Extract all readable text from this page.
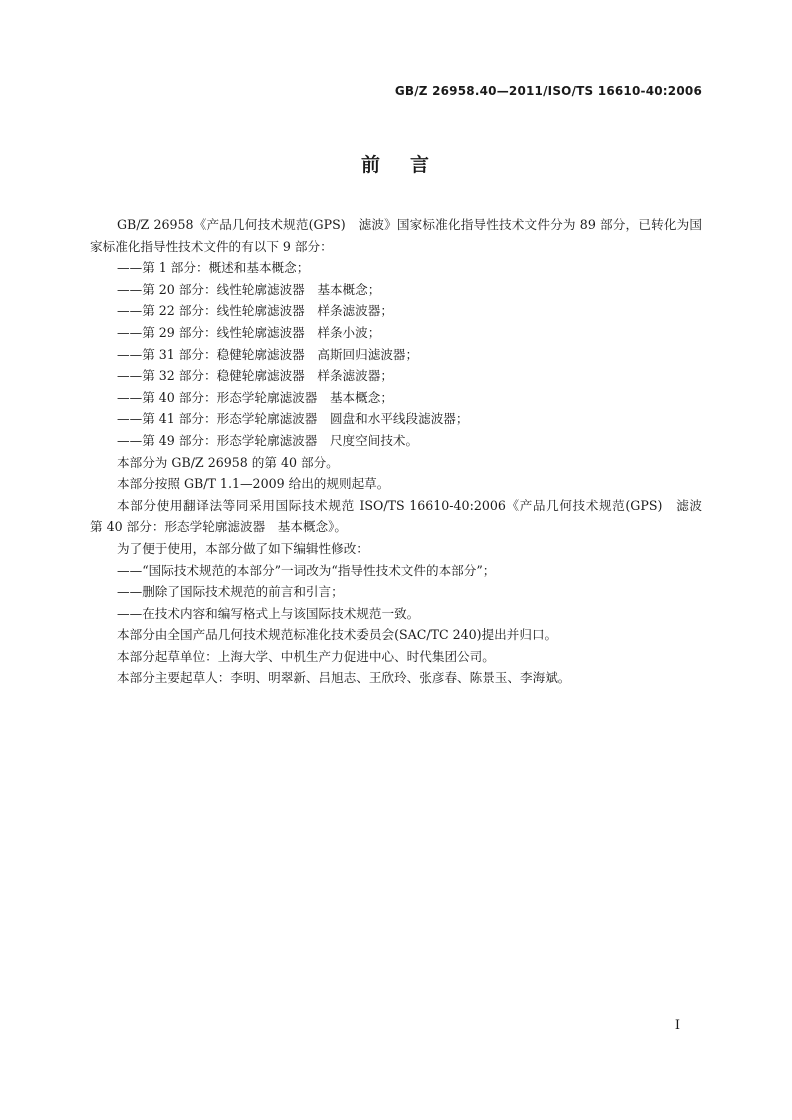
GB/Z 26958.40—2011/ISO/TS 16610-40:2006
前 言

GB/Z 26958《产品几何技术规范(GPS)　滤波》国家标准化指导性技术文件分为 89 部分，已转化为国家标准化指导性技术文件的有以下 9 部分：

——第 1 部分：概述和基本概念；

——第 20 部分：线性轮廓滤波器　基本概念；

——第 22 部分：线性轮廓滤波器　样条滤波器；

——第 29 部分：线性轮廓滤波器　样条小波；

——第 31 部分：稳健轮廓滤波器　高斯回归滤波器；

——第 32 部分：稳健轮廓滤波器　样条滤波器；

——第 40 部分：形态学轮廓滤波器　基本概念；

——第 41 部分：形态学轮廓滤波器　圆盘和水平线段滤波器；

——第 49 部分：形态学轮廓滤波器　尺度空间技术。

本部分为 GB/Z 26958 的第 40 部分。

本部分按照 GB/T 1.1—2009 给出的规则起草。

本部分使用翻译法等同采用国际技术规范 ISO/TS 16610-40:2006《产品几何技术规范(GPS)　滤波　第 40 部分：形态学轮廓滤波器　基本概念》。

为了便于使用，本部分做了如下编辑性修改：

——“国际技术规范的本部分”一词改为“指导性技术文件的本部分”；

——删除了国际技术规范的前言和引言；

——在技术内容和编写格式上与该国际技术规范一致。

本部分由全国产品几何技术规范标准化技术委员会(SAC/TC 240)提出并归口。

本部分起草单位：上海大学、中机生产力促进中心、时代集团公司。

本部分主要起草人：李明、明翠新、吕旭志、王欣玲、张彦春、陈景玉、李海斌。

I
